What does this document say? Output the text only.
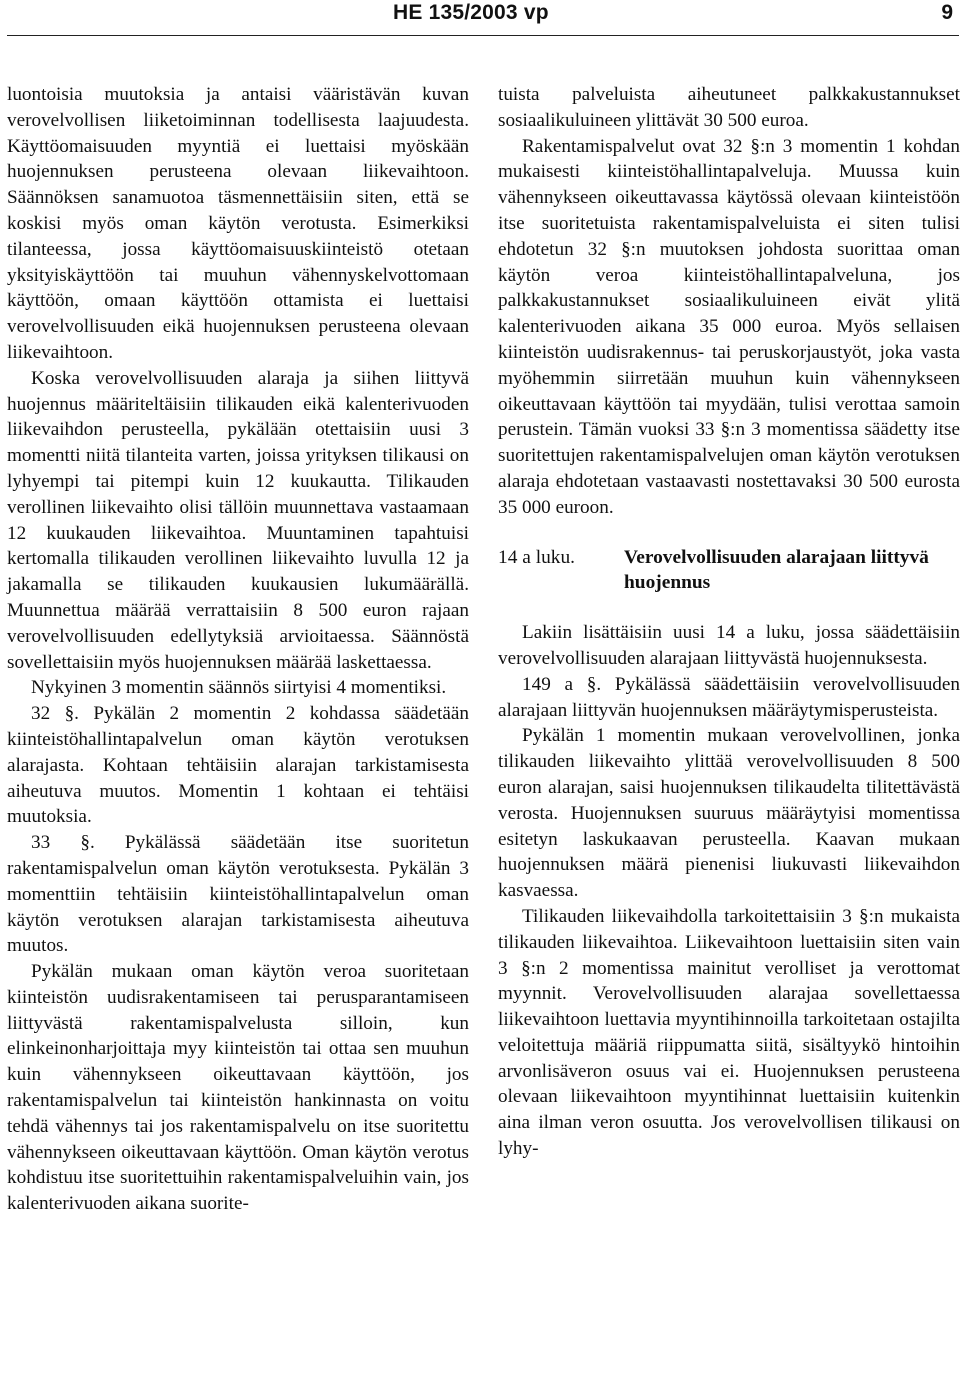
HE 135/2003 vp	9

luontoisia muutoksia ja antaisi vääristävän kuvan verovelvollisen liiketoiminnan todellisesta laajuudesta. Käyttöomaisuuden myyntiä ei luettaisi myöskään huojennuksen perusteena olevaan liikevaihtoon. Säännöksen sanamuotoa täsmennettäisiin siten, että se koskisi myös oman käytön verotusta. Esimerkiksi tilanteessa, jossa käyttöomaisuuskiinteistö otetaan yksityiskäyttöön tai muuhun vähennyskelvottomaan käyttöön, omaan käyttöön ottamista ei luettaisi verovelvollisuuden eikä huojennuksen perusteena olevaan liikevaihtoon.

Koska verovelvollisuuden alaraja ja siihen liittyvä huojennus määriteltäisiin tilikauden eikä kalenterivuoden liikevaihdon perusteella, pykälään otettaisiin uusi 3 momentti niitä tilanteita varten, joissa yrityksen tilikausi on lyhyempi tai pitempi kuin 12 kuukautta. Tilikauden verollinen liikevaihto olisi tällöin muunnettava vastaamaan 12 kuukauden liikevaihtoa. Muuntaminen tapahtuisi kertomalla tilikauden verollinen liikevaihto luvulla 12 ja jakamalla se tilikauden kuukausien lukumäärällä. Muunnettua määrää verrattaisiin 8 500 euron rajaan verovelvollisuuden edellytyksiä arvioitaessa. Säännöstä sovellettaisiin myös huojennuksen määrää laskettaessa.

Nykyinen 3 momentin säännös siirtyisi 4 momentiksi.

32 §. Pykälän 2 momentin 2 kohdassa säädetään kiinteistöhallintapalvelun oman käytön verotuksen alarajasta. Kohtaan tehtäisiin alarajan tarkistamisesta aiheutuva muutos. Momentin 1 kohtaan ei tehtäisi muutoksia.

33 §. Pykälässä säädetään itse suoritetun rakentamispalvelun oman käytön verotuksesta. Pykälän 3 momenttiin tehtäisiin kiinteistöhallintapalvelun oman käytön verotuksen alarajan tarkistamisesta aiheutuva muutos.

Pykälän mukaan oman käytön veroa suoritetaan kiinteistön uudisrakentamiseen tai perusparantamiseen liittyvästä rakentamispalvelusta silloin, kun elinkeinonharjoittaja myy kiinteistön tai ottaa sen muuhun kuin vähennykseen oikeuttavaan käyttöön, jos rakentamispalvelun tai kiinteistön hankinnasta on voitu tehdä vähennys tai jos rakentamispalvelu on itse suoritettu vähennykseen oikeuttavaan käyttöön. Oman käytön verotus kohdistuu itse suoritettuihin rakentamispalveluihin vain, jos kalenterivuoden aikana suorite-

tuista palveluista aiheutuneet palkkakustannukset sosiaalikuluineen ylittävät 30 500 euroa.

Rakentamispalvelut ovat 32 §:n 3 momentin 1 kohdan mukaisesti kiinteistöhallintapalveluja. Muussa kuin vähennykseen oikeuttavassa käytössä olevaan kiinteistöön itse suoritetuista rakentamispalveluista ei siten tulisi ehdotetun 32 §:n muutoksen johdosta suorittaa oman käytön veroa kiinteistöhallintapalveluna, jos palkkakustannukset sosiaalikuluineen eivät ylitä kalenterivuoden aikana 35 000 euroa. Myös sellaisen kiinteistön uudisrakennus- tai peruskorjaustyöt, joka vasta myöhemmin siirretään muuhun kuin vähennykseen oikeuttavaan käyttöön tai myydään, tulisi verottaa samoin perustein. Tämän vuoksi 33 §:n 3 momentissa säädetty itse suoritettujen rakentamispalvelujen oman käytön verotuksen alaraja ehdotetaan vastaavasti nostettavaksi 30 500 eurosta 35 000 euroon.

14 a luku.	Verovelvollisuuden alarajaan liittyvä huojennus

Lakiin lisättäisiin uusi 14 a luku, jossa säädettäisiin verovelvollisuuden alarajaan liittyvästä huojennuksesta.

149 a §. Pykälässä säädettäisiin verovelvollisuuden alarajaan liittyvän huojennuksen määräytymisperusteista.

Pykälän 1 momentin mukaan verovelvollinen, jonka tilikauden liikevaihto ylittää verovelvollisuuden 8 500 euron alarajan, saisi huojennuksen tilikaudelta tilitettävästä verosta. Huojennuksen suuruus määräytyisi momentissa esitetyn laskukaavan perusteella. Kaavan mukaan huojennuksen määrä pienenisi liukuvasti liikevaihdon kasvaessa.

Tilikauden liikevaihdolla tarkoitettaisiin 3 §:n mukaista tilikauden liikevaihtoa. Liikevaihtoon luettaisiin siten vain 3 §:n 2 momentissa mainitut verolliset ja verottomat myynnit. Verovelvollisuuden alarajaa sovellettaessa liikevaihtoon luettavia myyntihinnoilla tarkoitetaan ostajilta veloitettuja määriä riippumatta siitä, sisältyykö hintoihin arvonlisäveron osuus vai ei. Huojennuksen perusteena olevaan liikevaihtoon myyntihinnat luettaisiin kuitenkin aina ilman veron osuutta. Jos verovelvollisen tilikausi on lyhy-
